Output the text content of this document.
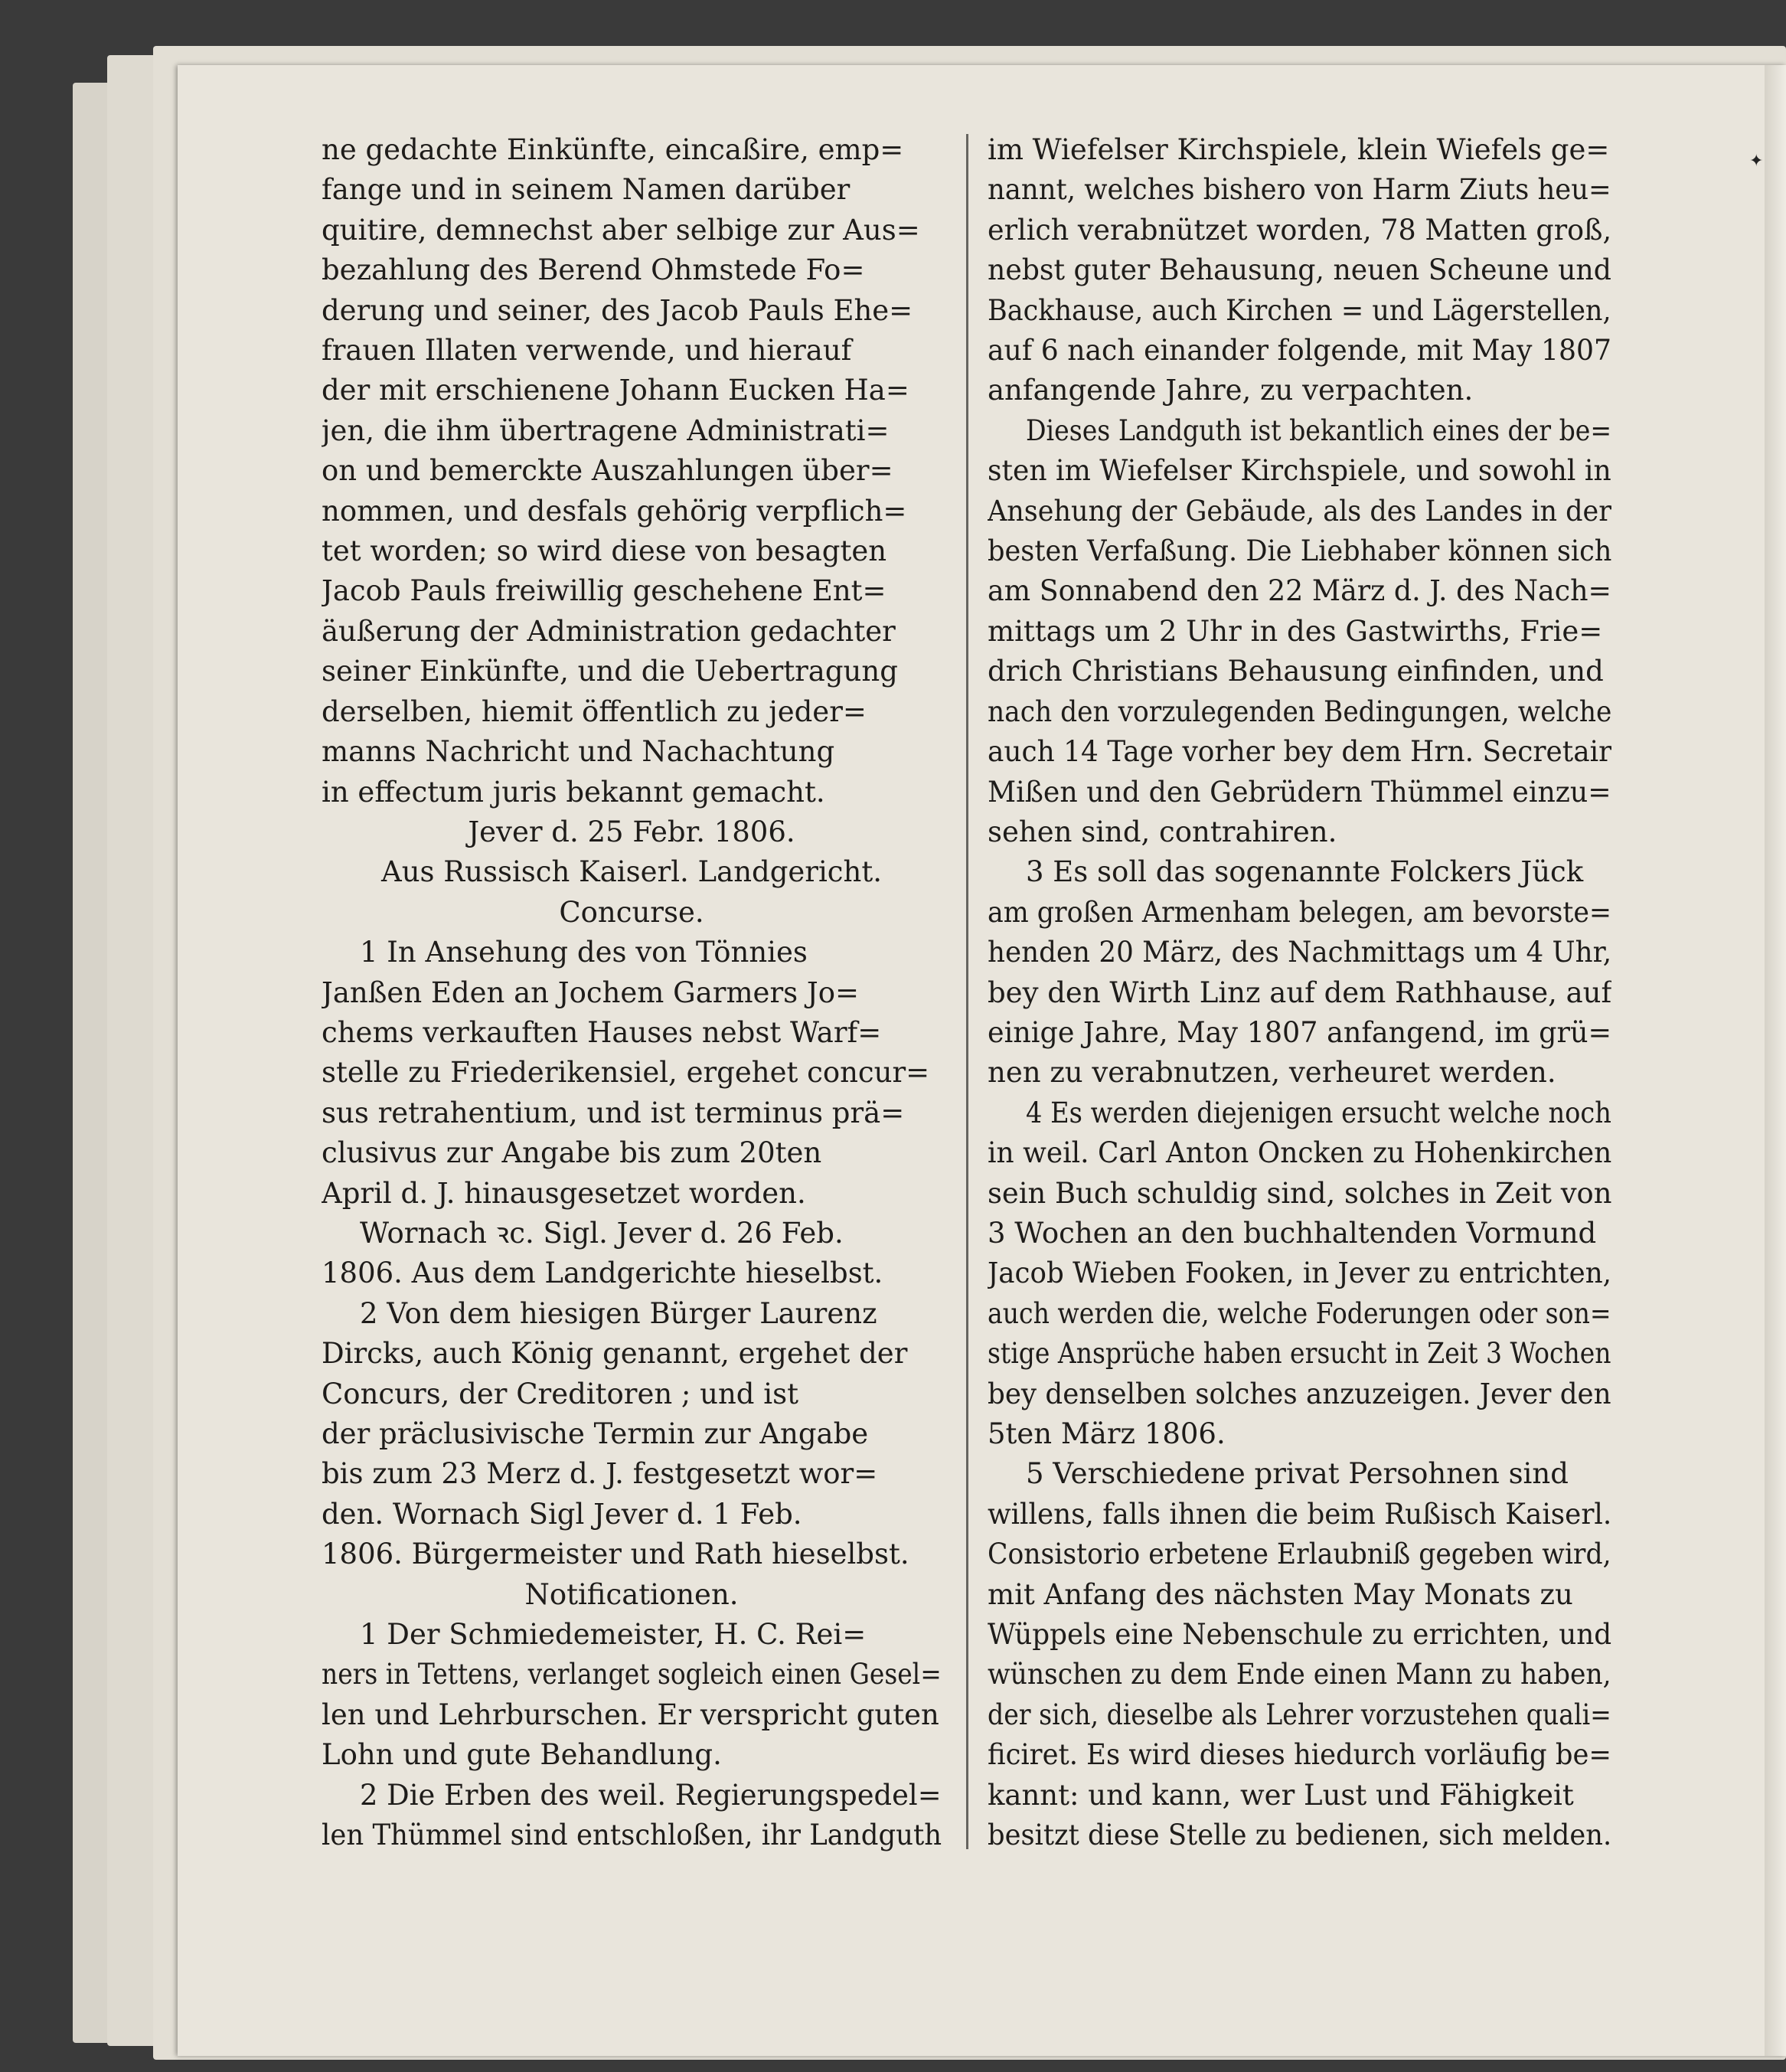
✦
ne gedachte Einkünfte, eincaßire, emp=
fange und in seinem Namen darüber
quitire, demnechst aber selbige zur Aus=
bezahlung des Berend Ohmstede Fo=
derung und seiner, des Jacob Pauls Ehe=
frauen Illaten verwende, und hierauf
der mit erschienene Johann Eucken Ha=
jen, die ihm übertragene Administrati=
on und bemerckte Auszahlungen über=
nommen, und desfals gehörig verpflich=
tet worden; so wird diese von besagten
Jacob Pauls freiwillig geschehene Ent=
äußerung der Administration gedachter
seiner Einkünfte, und die Uebertragung
derselben, hiemit öffentlich zu jeder=
manns Nachricht und Nachachtung
in effectum juris bekannt gemacht.
Jever d. 25 Febr. 1806.
Aus Russisch Kaiserl. Landgericht.
Concurse.
1 In Ansehung des von Tönnies
Janßen Eden an Jochem Garmers Jo=
chems verkauften Hauses nebst Warf=
stelle zu Friederikensiel, ergehet concur=
sus retrahentium, und ist terminus prä=
clusivus zur Angabe bis zum 20ten
April d. J. hinausgesetzet worden.
Wornach ꝛc. Sigl. Jever d. 26 Feb.
1806. Aus dem Landgerichte hieselbst.
2 Von dem hiesigen Bürger Laurenz
Dircks, auch König genannt, ergehet der
Concurs, der Creditoren ; und ist
der präclusivische Termin zur Angabe
bis zum 23 Merz d. J. festgesetzt wor=
den. Wornach Sigl Jever d. 1 Feb.
1806. Bürgermeister und Rath hieselbst.
Notificationen.
1 Der Schmiedemeister, H. C. Rei=
ners in Tettens, verlanget sogleich einen Gesel=
len und Lehrburschen. Er verspricht guten
Lohn und gute Behandlung.
2 Die Erben des weil. Regierungspedel=
len Thümmel sind entschloßen, ihr Landguth
im Wiefelser Kirchspiele, klein Wiefels ge=
nannt, welches bishero von Harm Ziuts heu=
erlich verabnützet worden, 78 Matten groß,
nebst guter Behausung, neuen Scheune und
Backhause, auch Kirchen = und Lägerstellen,
auf 6 nach einander folgende, mit May 1807
anfangende Jahre, zu verpachten.
Dieses Landguth ist bekantlich eines der be=
sten im Wiefelser Kirchspiele, und sowohl in
Ansehung der Gebäude, als des Landes in der
besten Verfaßung. Die Liebhaber können sich
am Sonnabend den 22 März d. J. des Nach=
mittags um 2 Uhr in des Gastwirths, Frie=
drich Christians Behausung einfinden, und
nach den vorzulegenden Bedingungen, welche
auch 14 Tage vorher bey dem Hrn. Secretair
Mißen und den Gebrüdern Thümmel einzu=
sehen sind, contrahiren.
3 Es soll das sogenannte Folckers Jück
am großen Armenham belegen, am bevorste=
henden 20 März, des Nachmittags um 4 Uhr,
bey den Wirth Linz auf dem Rathhause, auf
einige Jahre, May 1807 anfangend, im grü=
nen zu verabnutzen, verheuret werden.
4 Es werden diejenigen ersucht welche noch
in weil. Carl Anton Oncken zu Hohenkirchen
sein Buch schuldig sind, solches in Zeit von
3 Wochen an den buchhaltenden Vormund
Jacob Wieben Fooken, in Jever zu entrichten,
auch werden die, welche Foderungen oder son=
stige Ansprüche haben ersucht in Zeit 3 Wochen
bey denselben solches anzuzeigen. Jever den
5ten März 1806.
5 Verschiedene privat Persohnen sind
willens, falls ihnen die beim Rußisch Kaiserl.
Consistorio erbetene Erlaubniß gegeben wird,
mit Anfang des nächsten May Monats zu
Wüppels eine Nebenschule zu errichten, und
wünschen zu dem Ende einen Mann zu haben,
der sich, dieselbe als Lehrer vorzustehen quali=
ficiret. Es wird dieses hiedurch vorläufig be=
kannt: und kann, wer Lust und Fähigkeit
besitzt diese Stelle zu bedienen, sich melden.
